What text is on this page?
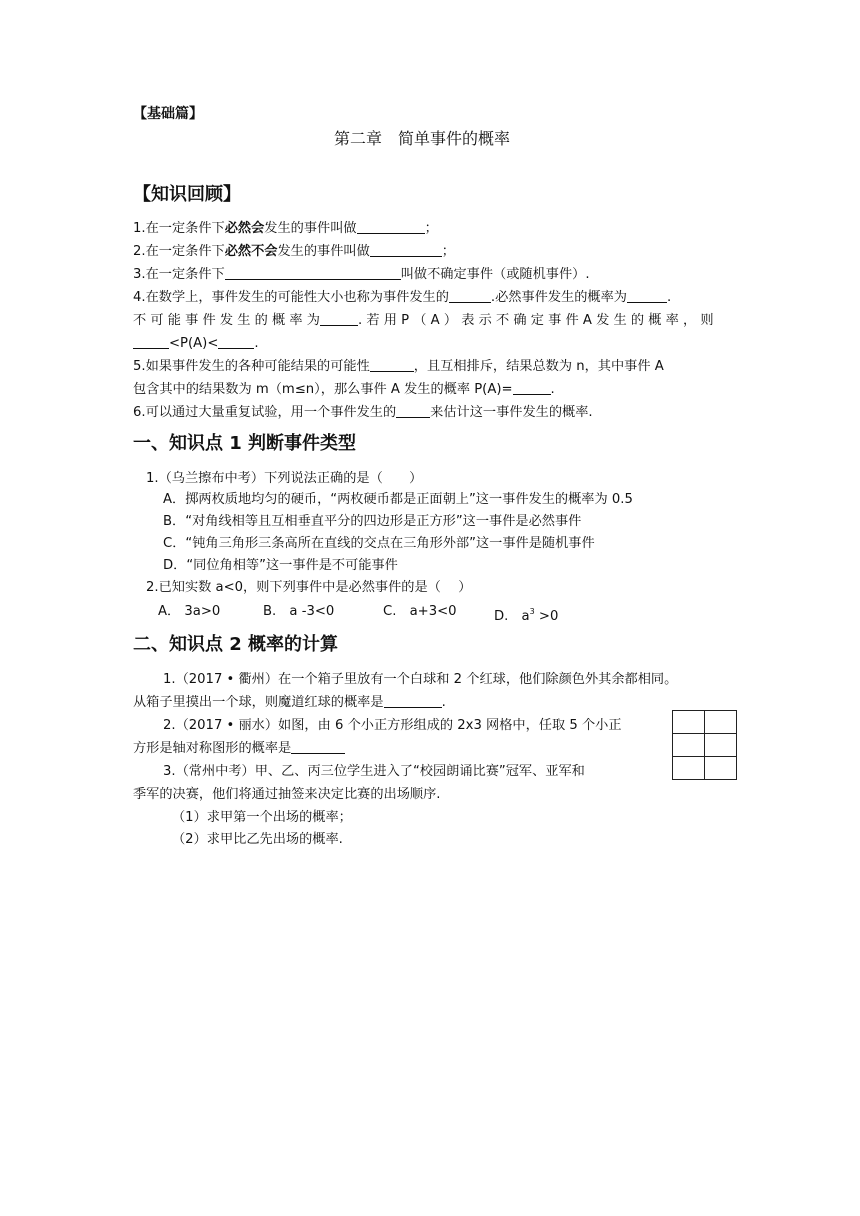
【基础篇】
第二章　简单事件的概率
【知识回顾】
1.在一定条件下必然会发生的事件叫做	；
2.在一定条件下必然不会发生的事件叫做	；
3.在一定条件下	叫做不确定事件（或随机事件）.
4.在数学上，事件发生的可能性大小也称为事件发生的	.必然事件发生的概率为	.
不 可 能 事 件 发 生 的 概 率 为	. 若 用 P （ A ） 表 示 不 确 定 事 件 A 发 生 的 概 率 ， 则
<P(A)<	.
5.如果事件发生的各种可能结果的可能性	，且互相排斥，结果总数为 n，其中事件 A
包含其中的结果数为 m（m≤n），那么事件 A 发生的概率 P(A)=	.
6.可以通过大量重复试验，用一个事件发生的	来估计这一事件发生的概率.
一、知识点 1 判断事件类型
1.（乌兰擦布中考）下列说法正确的是（　　）
A．掷两枚质地均匀的硬币，“两枚硬币都是正面朝上”这一事件发生的概率为 0.5
B．“对角线相等且互相垂直平分的四边形是正方形”这一事件是必然事件
C．“钝角三角形三条高所在直线的交点在三角形外部”这一事件是随机事件
D．“同位角相等”这一事件是不可能事件
2.已知实数 a<0，则下列事件中是必然事件的是（　 ）
A． 3a>0	B.　a -3<0	C.　a+3<0	D.　$a^3 >0$
二、知识点 2 概率的计算
1.（2017 • 衢州）在一个箱子里放有一个白球和 2 个红球，他们除颜色外其余都相同。
从箱子里摸出一个球，则魔道红球的概率是	.
2.（2017 • 丽水）如图，由 6 个小正方形组成的 2x3 网格中，任取 5 个小正
方形是轴对称图形的概率是
3.（常州中考）甲、乙、丙三位学生进入了“校园朗诵比赛”冠军、亚军和
季军的决赛，他们将通过抽签来决定比赛的出场顺序.
（1）求甲第一个出场的概率；
（2）求甲比乙先出场的概率.
